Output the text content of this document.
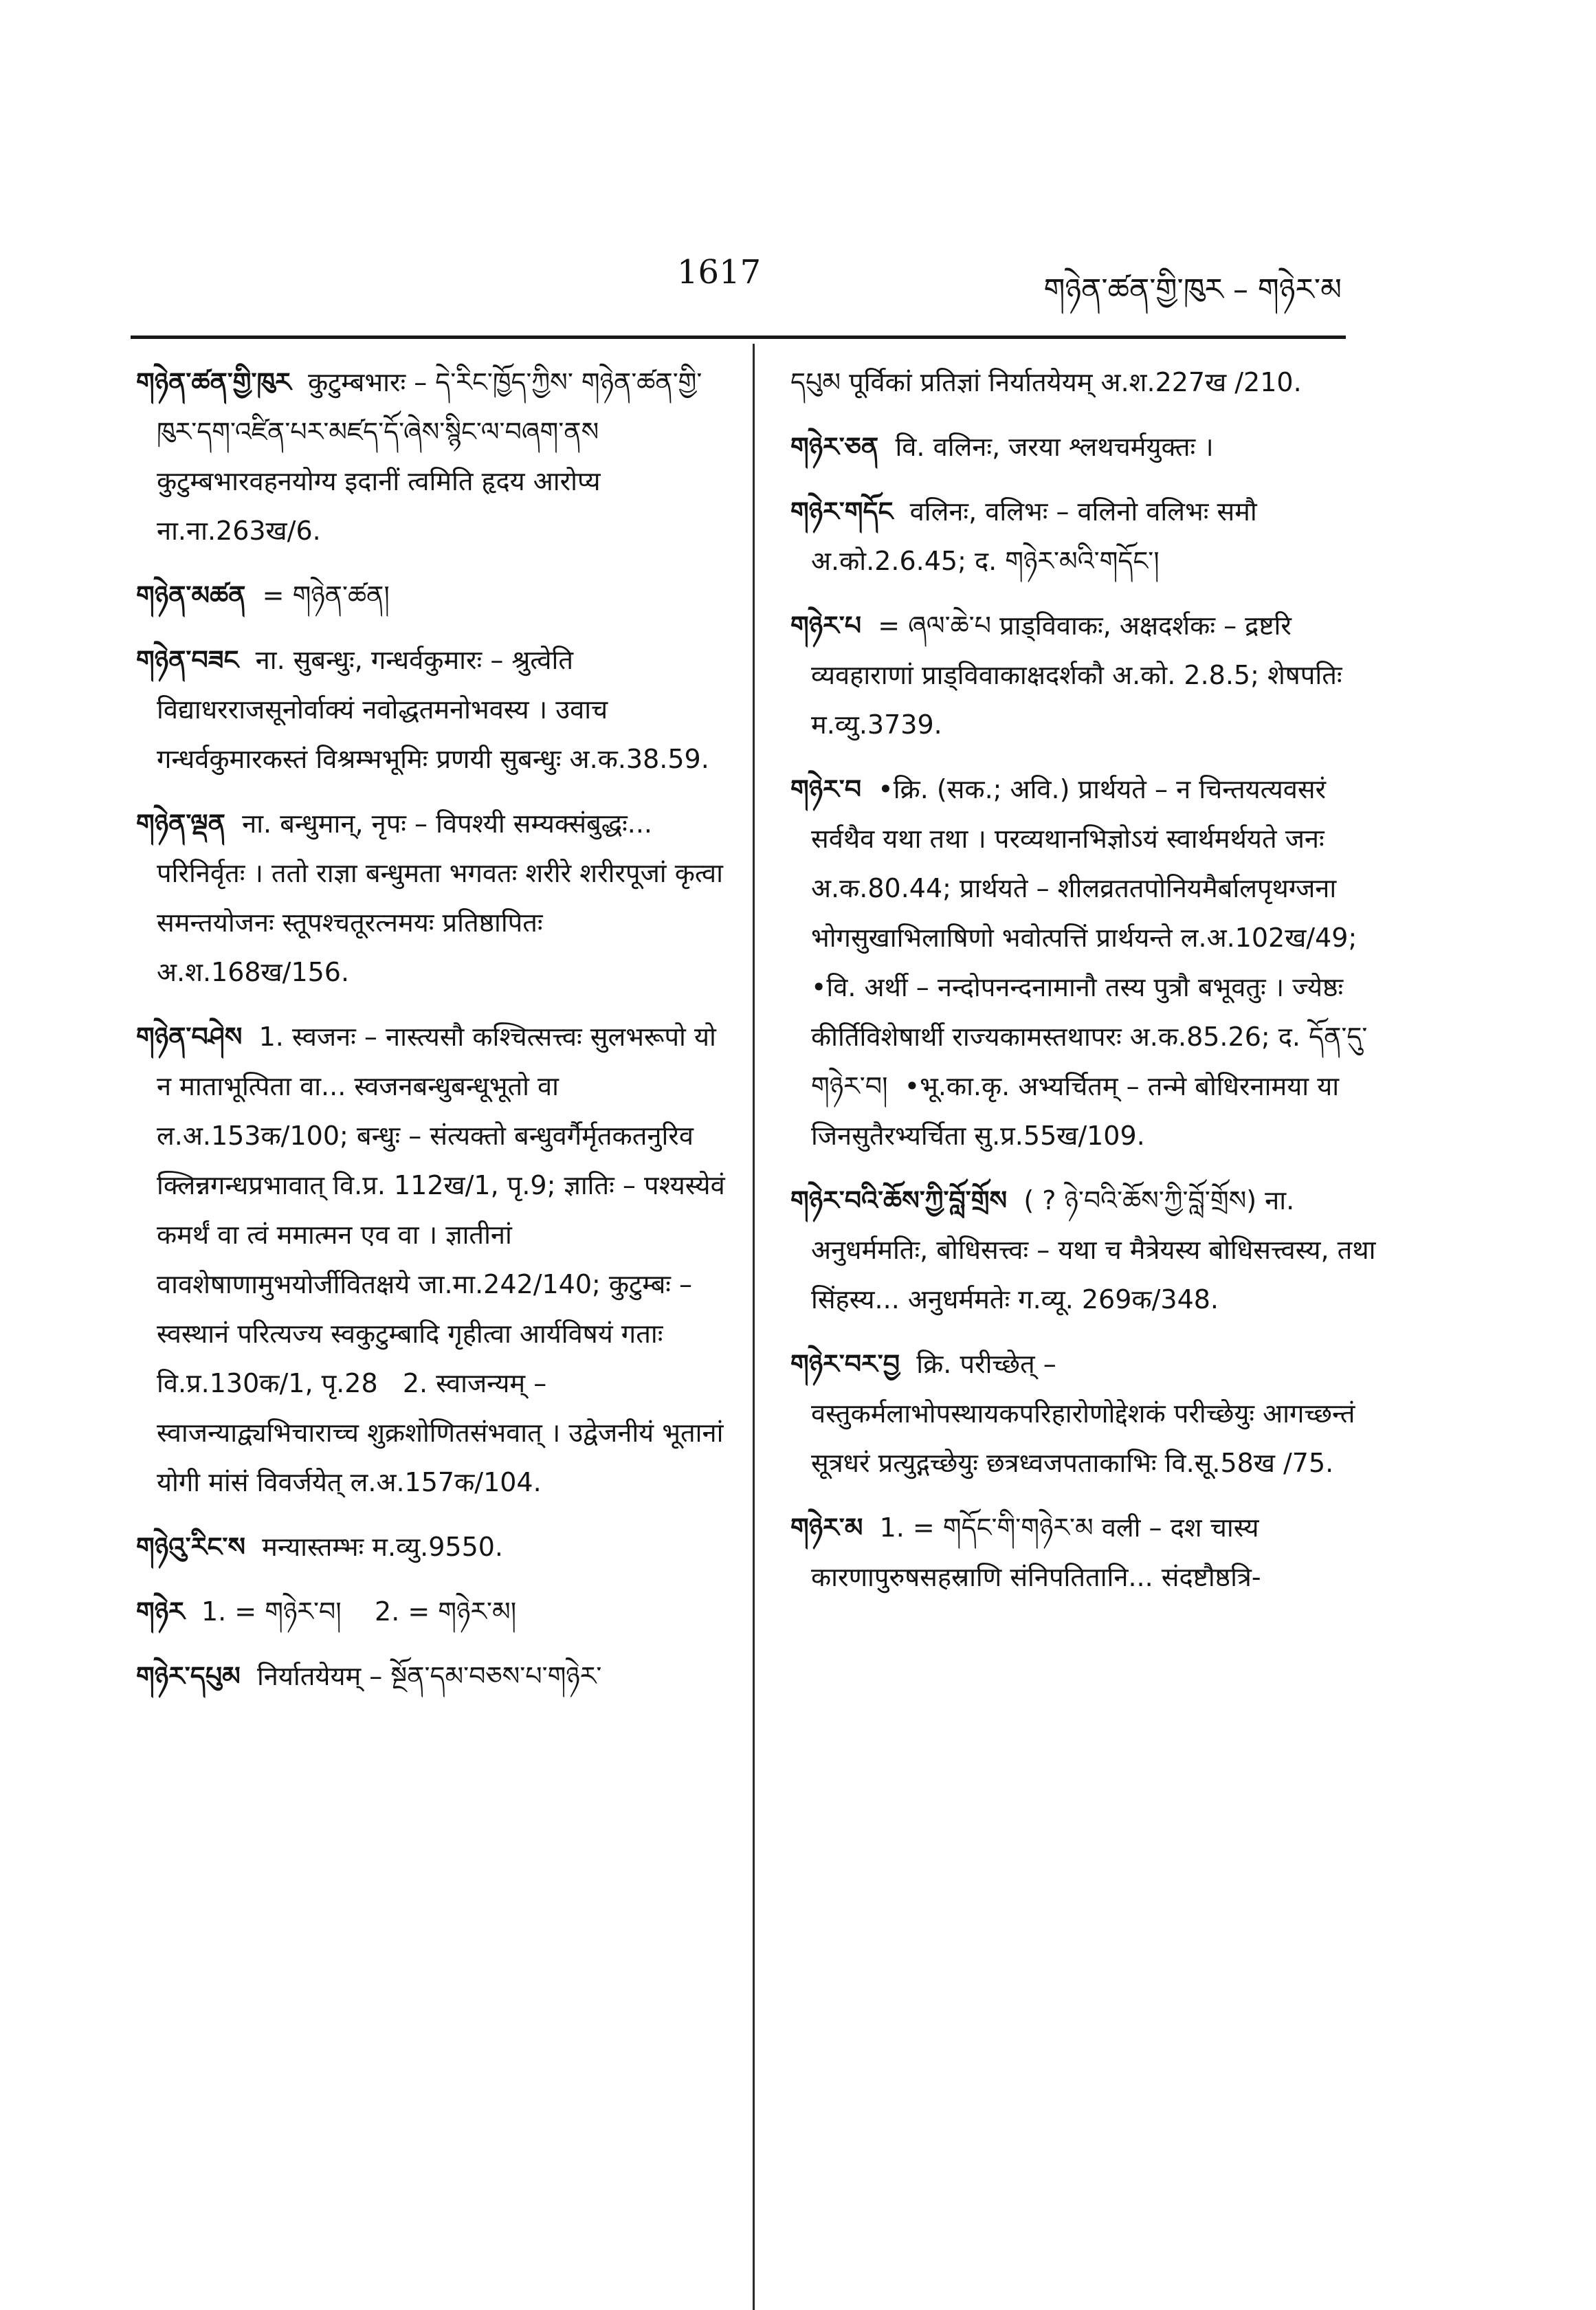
1617	གཉེན་ཚན་གྱི་ཁུར – གཉེར་མ

གཉེན་ཚན་གྱི་ཁུར कुटुम्बभारः – དེ་རིང་ཁྱོད་ཀྱིས་ གཉེན་ཚན་གྱི་ཁུར་དག་འཛིན་པར་མཛད་དོ་ཞེས་སྙིང་ལ་བཞག་ནས कुटुम्बभारवहनयोग्य इदानीं त्वमिति हृदय आरोप्य ना.ना.263ख/6.

གཉེན་མཚན = གཉེན་ཚན།

གཉེན་བཟང ना. सुबन्धुः, गन्धर्वकुमारः – श्रुत्वेति विद्याधरराजसूनोर्वाक्यं नवोद्धतमनोभवस्य । उवाच गन्धर्वकुमारकस्तं विश्रम्भभूमिः प्रणयी सुबन्धुः अ.क.38.59.

གཉེན་ལྡན ना. बन्धुमान्, नृपः – विपश्यी सम्यक्संबुद्धः... परिनिर्वृतः । ततो राज्ञा बन्धुमता भगवतः शरीरे शरीरपूजां कृत्वा समन्तयोजनः स्तूपश्चतूरत्नमयः प्रतिष्ठापितः अ.श.168ख/156.

གཉེན་བཤེས 1. स्वजनः – नास्त्यसौ कश्चित्सत्त्वः सुलभरूपो यो न माताभूत्पिता वा... स्वजनबन्धुबन्धूभूतो वा ल.अ.153क/100; बन्धुः – संत्यक्तो बन्धुवर्गैर्मृतकतनुरिव क्लिन्नगन्धप्रभावात् वि.प्र. 112ख/1, पृ.9; ज्ञातिः – पश्यस्येवं कमर्थं वा त्वं ममात्मन एव वा । ज्ञातीनां वावशेषाणामुभयोर्जीवितक्षये जा.मा.242/140; कुटुम्बः – स्वस्थानं परित्यज्य स्वकुटुम्बादि गृहीत्वा आर्यविषयं गताः वि.प्र.130क/1, पृ.28   2. स्वाजन्यम् – स्वाजन्याद्व्यभिचाराच्च शुक्रशोणितसंभवात् । उद्वेजनीयं भूतानां योगी मांसं विवर्जयेत् ल.अ.157क/104.

གཉེའུ་རིང་ས मन्यास्तम्भः म.व्यु.9550.

གཉེར 1. = གཉེར་བ།    2. = གཉེར་མ།

གཉེར་དཔུམ निर्यातयेयम् – སྔོན་དམ་བཅས་པ་གཉེར་

དཔུམ पूर्विकां प्रतिज्ञां निर्यातयेयम् अ.श.227ख /210.

གཉེར་ཅན वि. वलिनः, जरया श्लथचर्मयुक्तः ।

གཉེར་གདོང वलिनः, वलिभः – वलिनो वलिभः समौ अ.को.2.6.45; द. གཉེར་མའི་གདོང་།

གཉེར་པ = ཞལ་ཆེ་པ प्राड्विवाकः, अक्षदर्शकः – द्रष्टरि व्यवहाराणां प्राड्विवाकाक्षदर्शकौ अ.को. 2.8.5; शेषपतिः म.व्यु.3739.

གཉེར་བ •क्रि. (सक.; अवि.) प्रार्थयते – न चिन्तयत्यवसरं सर्वथैव यथा तथा । परव्यथानभिज्ञोऽयं स्वार्थमर्थयते जनः अ.क.80.44; प्रार्थयते – शीलव्रततपोनियमैर्बालपृथग्जना भोगसुखाभिलाषिणो भवोत्पत्तिं प्रार्थयन्ते ल.अ.102ख/49;  •वि. अर्थी – नन्दोपनन्दनामानौ तस्य पुत्रौ बभूवतुः । ज्येष्ठः कीर्तिविशेषार्थी राज्यकामस्तथापरः अ.क.85.26; द. དོན་དུ་གཉེར་བ།  •भू.का.कृ. अभ्यर्चितम् – तन्मे बोधिरनामया या जिनसुतैरभ्यर्चिता सु.प्र.55ख/109.

གཉེར་བའི་ཆོས་ཀྱི་བློ་གྲོས ( ? ཉེ་བའི་ཆོས་ཀྱི་བློ་གྲོས) ना. अनुधर्ममतिः, बोधिसत्त्वः – यथा च मैत्रेयस्य बोधिसत्त्वस्य, तथा सिंहस्य... अनुधर्ममतेः ग.व्यू. 269क/348.

གཉེར་བར་བྱ क्रि. परीच्छेत् – वस्तुकर्मलाभोपस्थायकपरिहारोणोद्देशकं परीच्छेयुः आगच्छन्तं सूत्रधरं प्रत्युद्गच्छेयुः छत्रध्वजपताकाभिः वि.सू.58ख /75.

གཉེར་མ 1. = གདོང་གི་གཉེར་མ वली – दश चास्य कारणापुरुषसहस्राणि संनिपतितानि... संदष्टौष्ठत्रि-
